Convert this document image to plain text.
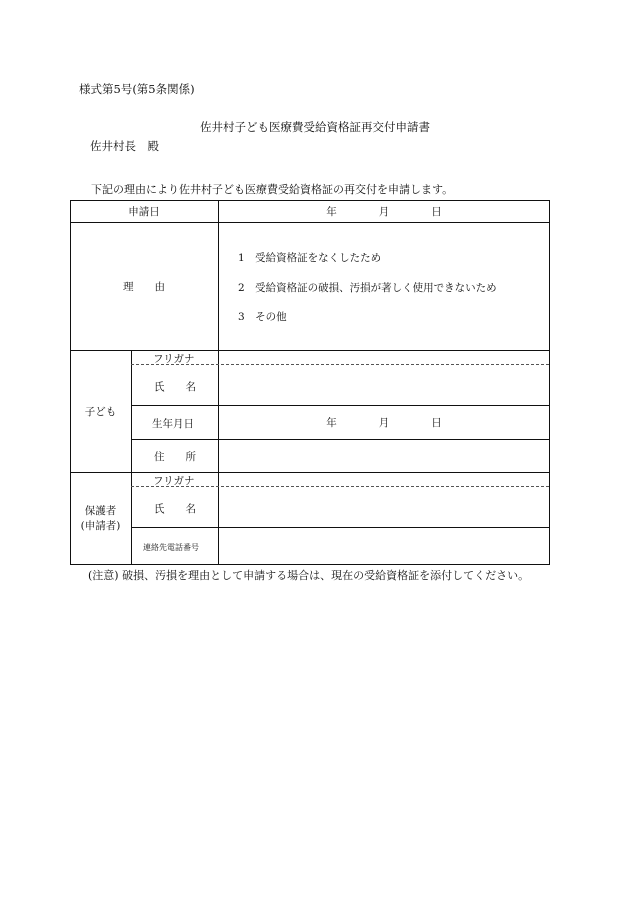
様式第5号(第5条関係)
佐井村子ども医療費受給資格証再交付申請書
佐井村長　殿
下記の理由により佐井村子ども医療費受給資格証の再交付を申請します。
申請日	年　　　　月　　　　日
理　　由
1　受給資格証をなくしたため
2　受給資格証の破損、汚損が著しく使用できないため
3　その他
子ども
フリガナ
氏　　名
生年月日	年　　　　月　　　　日
住　　所
保護者
(申請者)
フリガナ
氏　　名
連絡先電話番号
(注意) 破損、汚損を理由として申請する場合は、現在の受給資格証を添付してください。
